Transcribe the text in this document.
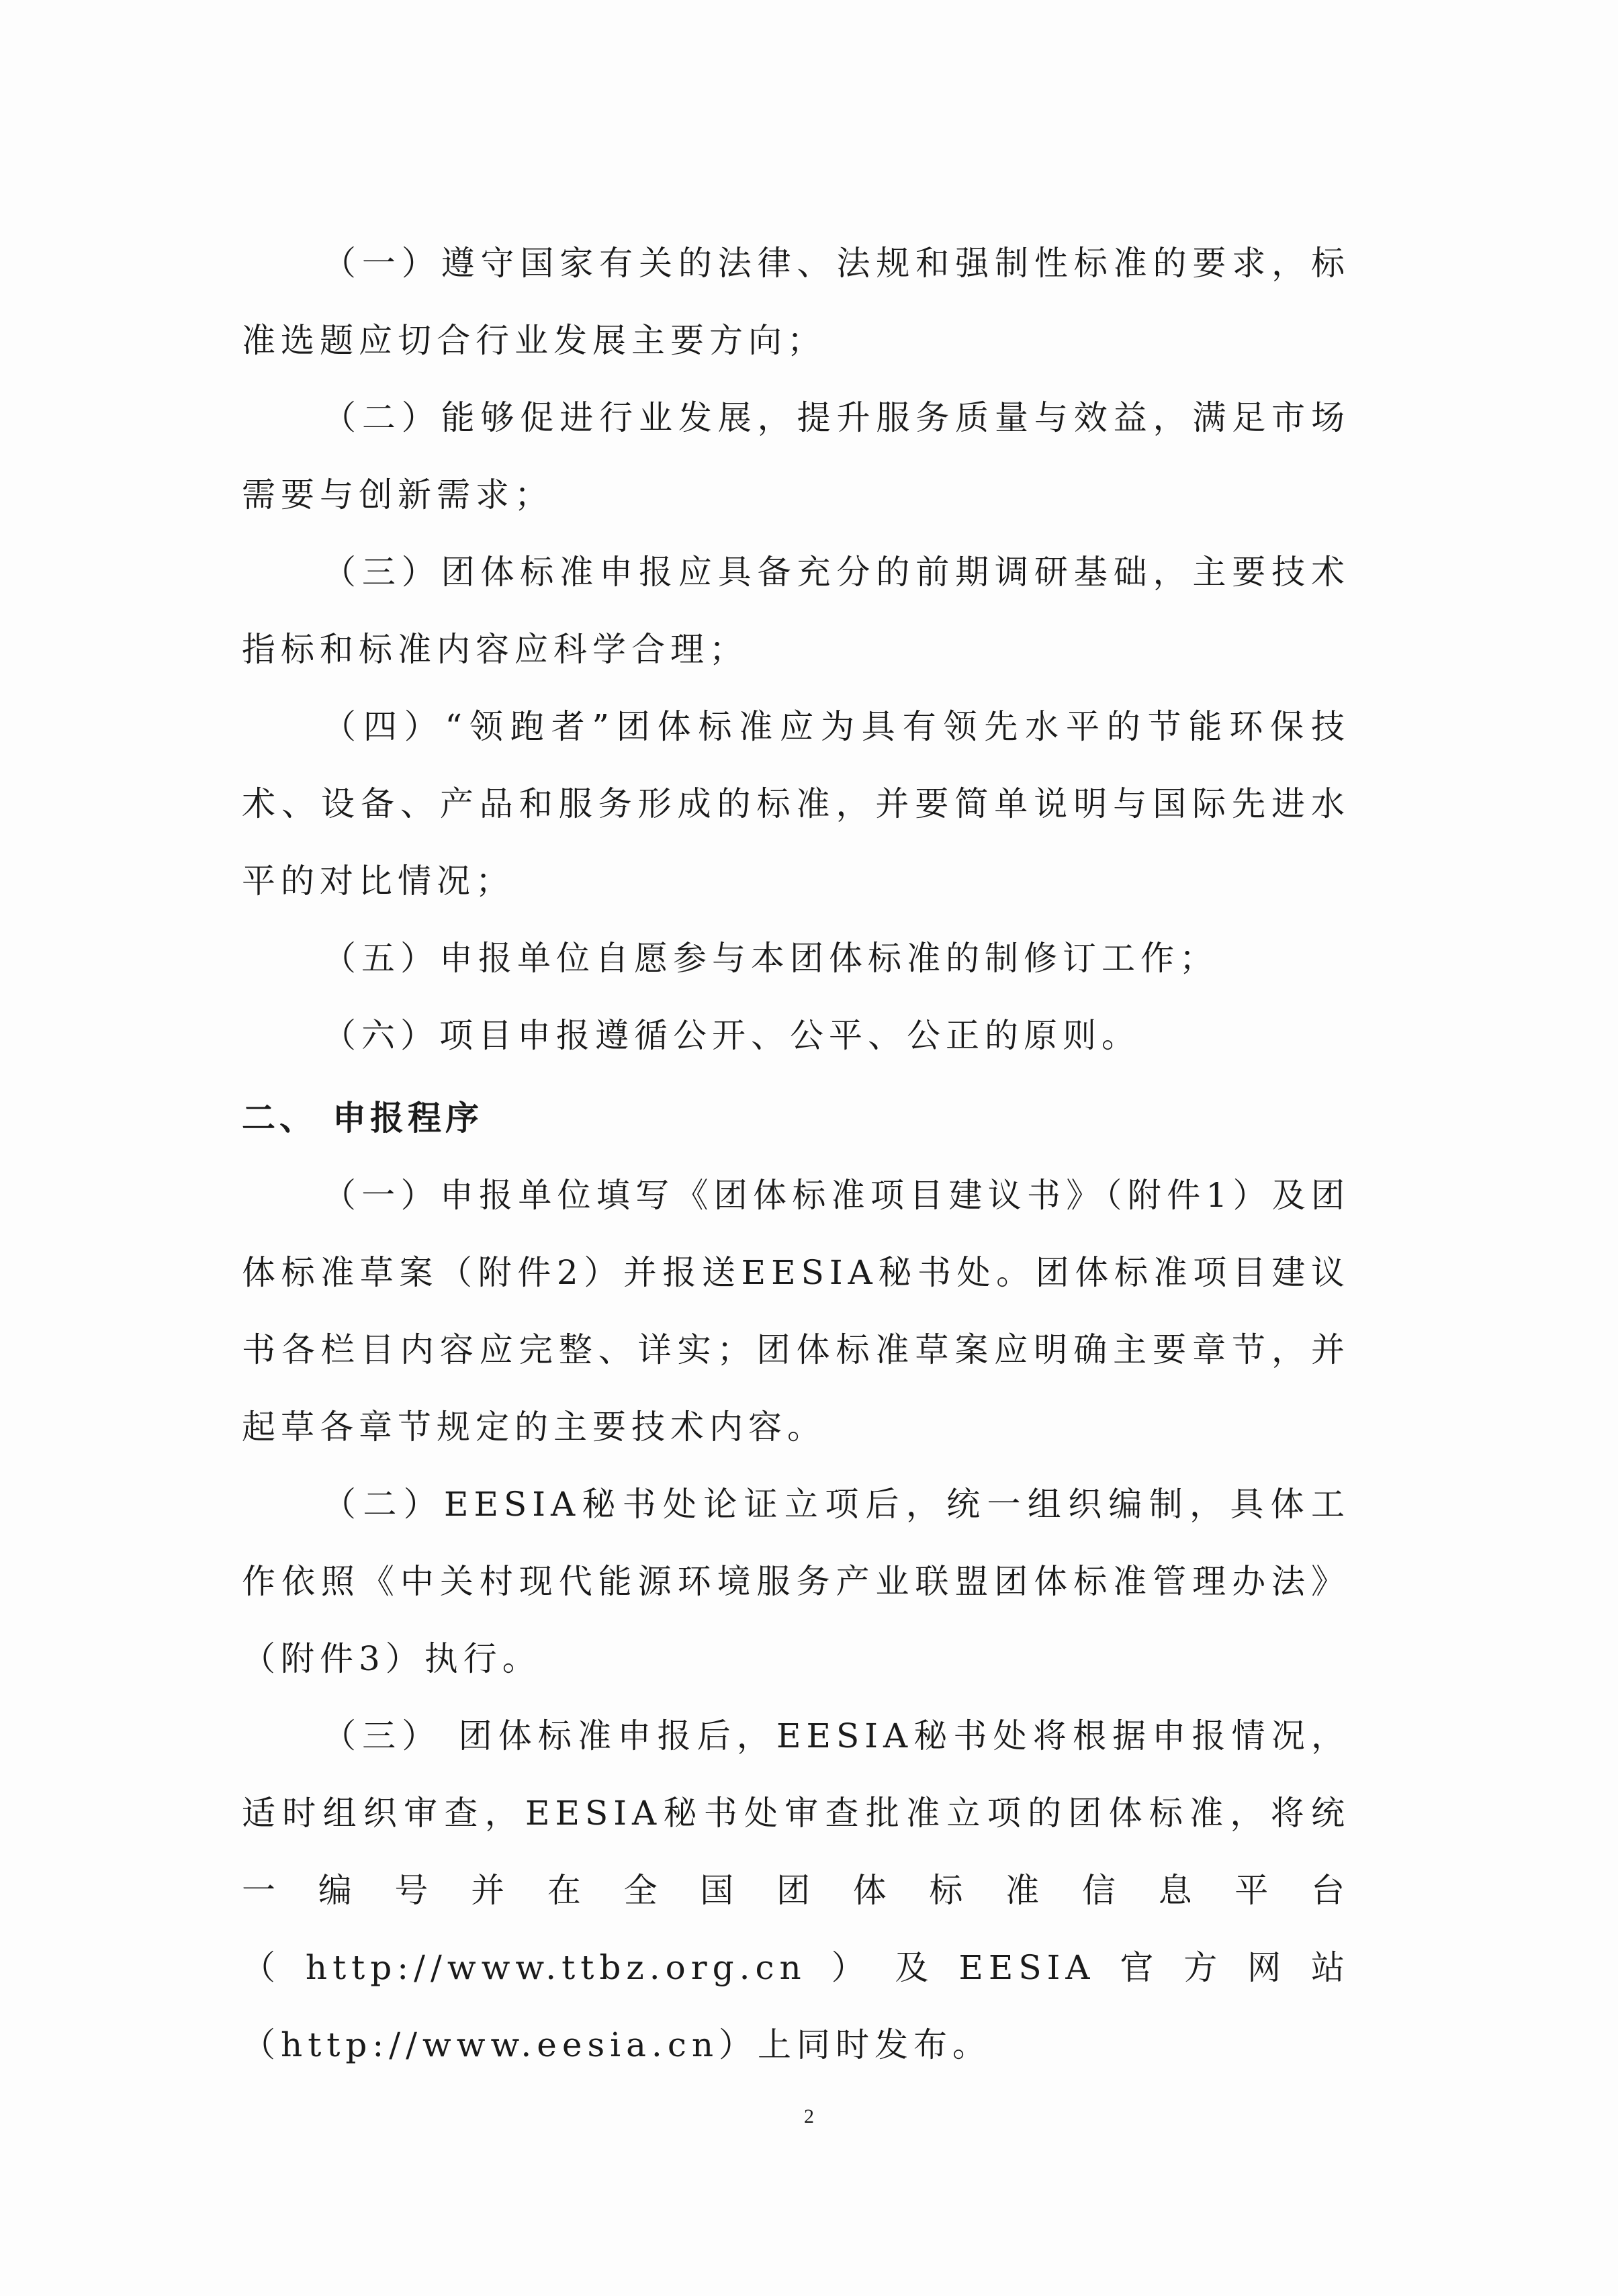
（一）遵守国家有关的法律、法规和强制性标准的要求，标准选题应切合行业发展主要方向；

（二）能够促进行业发展，提升服务质量与效益，满足市场需要与创新需求；

（三）团体标准申报应具备充分的前期调研基础，主要技术指标和标准内容应科学合理；

（四）“领跑者”团体标准应为具有领先水平的节能环保技术、设备、产品和服务形成的标准，并要简单说明与国际先进水平的对比情况；

（五）申报单位自愿参与本团体标准的制修订工作；

（六）项目申报遵循公开、公平、公正的原则。

二、 申报程序

（一）申报单位填写《团体标准项目建议书》（附件1）及团体标准草案（附件2）并报送EESIA秘书处。团体标准项目建议书各栏目内容应完整、详实；团体标准草案应明确主要章节，并起草各章节规定的主要技术内容。

（二）EESIA秘书处论证立项后，统一组织编制，具体工作依照《中关村现代能源环境服务产业联盟团体标准管理办法》（附件3）执行。

（三） 团体标准申报后，EESIA秘书处将根据申报情况，适时组织审查，EESIA秘书处审查批准立项的团体标准，将统一编号并在全国团体标准信息平台（http://www.ttbz.org.cn）及EESIA官方网站（http://www.eesia.cn）上同时发布。

2
